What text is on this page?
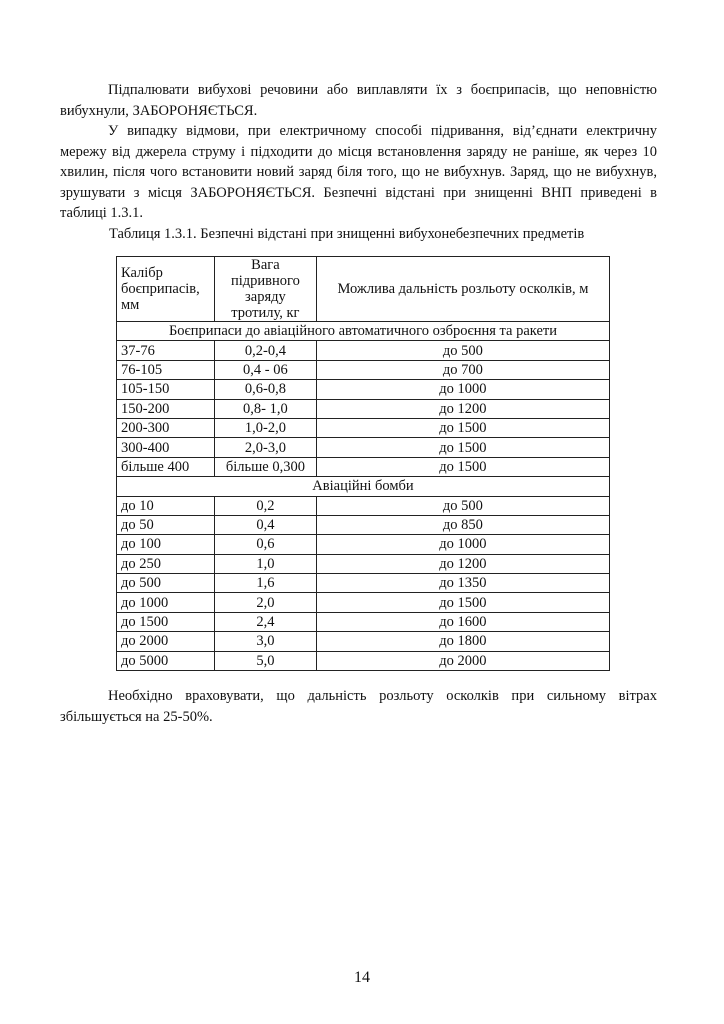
Підпалювати вибухові речовини або виплавляти їх з боєприпасів, що неповністю вибухнули, ЗАБОРОНЯЄТЬСЯ.

У випадку відмови, при електричному способі підривання, від’єднати електричну мережу від джерела струму і підходити до місця встановлення заряду не раніше, як через 10 хвилин, після чого встановити новий заряд біля того, що не вибухнув. Заряд, що не вибухнув, зрушувати з місця ЗАБОРОНЯЄТЬСЯ. Безпечні відстані при знищенні ВНП приведені в таблиці 1.3.1.

Таблиця 1.3.1. Безпечні відстані при знищенні вибухонебезпечних предметів

Калібр боєприпасів, мм	Вага підривного заряду тротилу, кг	Можлива дальність розльоту осколків, м
Боєприпаси до авіаційного автоматичного озброєння та ракети		
37-76	0,2-0,4	до 500
76-105	0,4 - 06	до 700
105-150	0,6-0,8	до 1000
150-200	0,8- 1,0	до 1200
200-300	1,0-2,0	до 1500
300-400	2,0-3,0	до 1500
більше 400	більше 0,300	до 1500
Авіаційні бомби		
до 10	0,2	до 500
до 50	0,4	до 850
до 100	0,6	до 1000
до 250	1,0	до 1200
до 500	1,6	до 1350
до 1000	2,0	до 1500
до 1500	2,4	до 1600
до 2000	3,0	до 1800
до 5000	5,0	до 2000

Необхідно враховувати, що дальність розльоту осколків при сильному вітрах збільшується на 25-50%.

14
